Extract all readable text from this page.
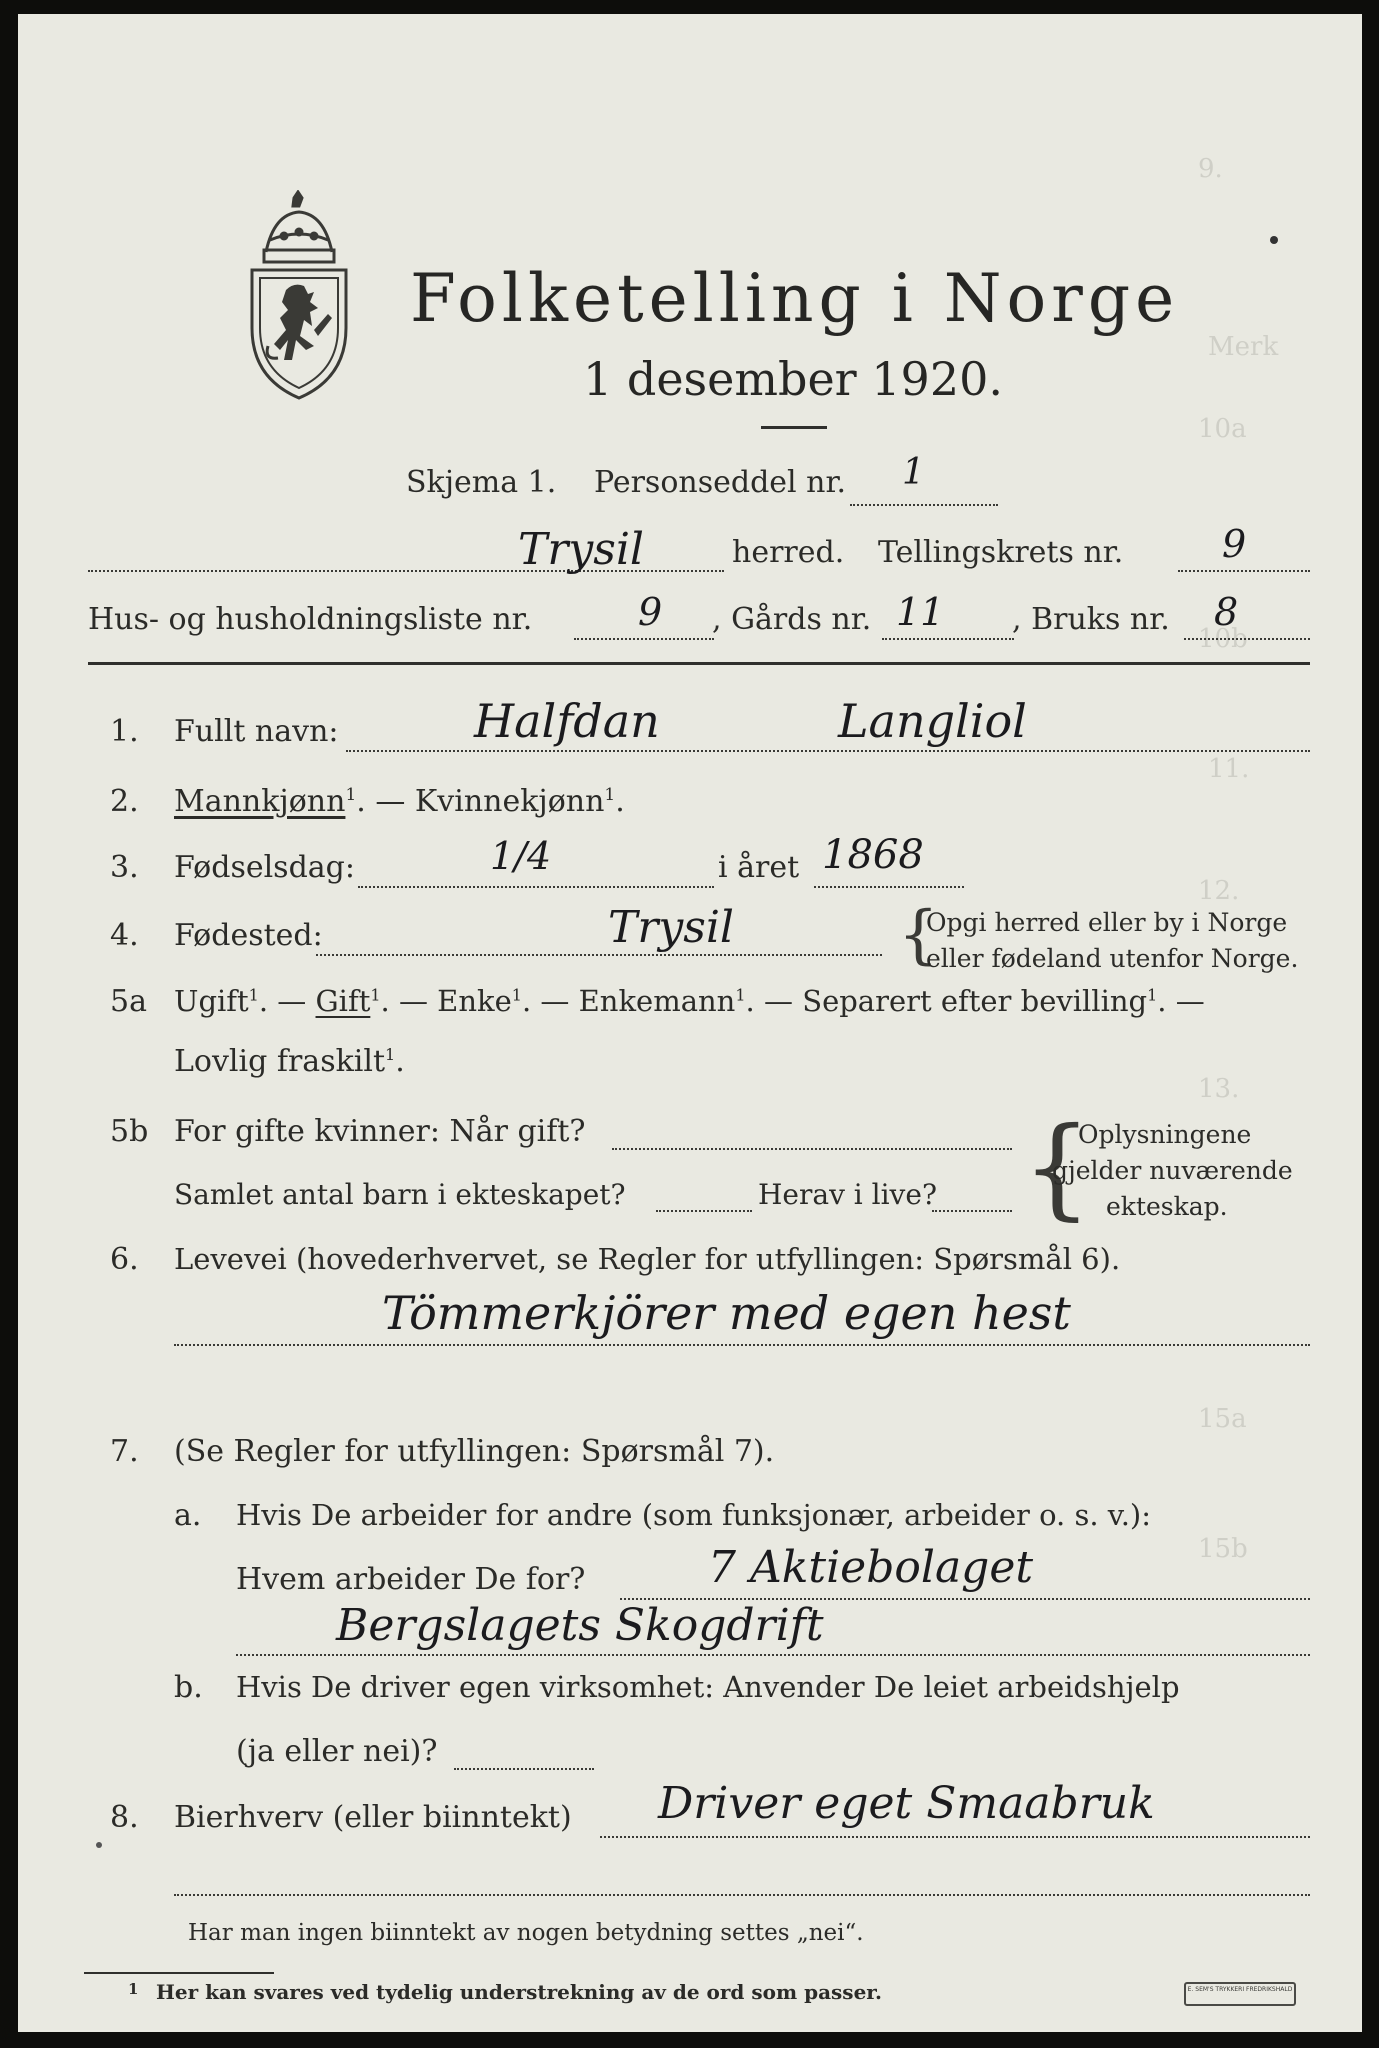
9.
Merk
10a
10b
11.
12.
13.
15a
15b
Folketelling i Norge
1 desember 1920.
Skjema 1. Personseddel nr. 1
Trysil	herred. Tellingskrets nr.	9
Hus- og husholdningsliste nr.	9 , Gårds nr. 11 , Bruks nr. 8
1. Fullt navn:	Halfdan	Langliol
2. Mannkjønn$^1$. — Kvinnekjønn$^1$.
3. Fødselsdag:	1/4	i året 1868
4. Fødested:	Trysil	{
Opgi herred eller by i Norge
eller fødeland utenfor Norge.
5a Ugift$^1$. — Gift$^1$. — Enke$^1$. — Enkemann$^1$. — Separert efter bevilling$^1$. —
Lovlig fraskilt$^1$.
5b For gifte kvinner: Når gift?
Samlet antal barn i ekteskapet?	Herav i live? {
Oplysningene
gjelder nuværende
ekteskap.
6. Levevei (hovederhvervet, se Regler for utfyllingen: Spørsmål 6).
Tömmerkjörer med egen hest
7. (Se Regler for utfyllingen: Spørsmål 7).
a. Hvis De arbeider for andre (som funksjonær, arbeider o. s. v.):
Hvem arbeider De for?	7 Aktiebolaget
Bergslagets Skogdrift
b. Hvis De driver egen virksomhet: Anvender De leiet arbeidshjelp
(ja eller nei)?
8. Bierhverv (eller biinntekt) Driver eget Smaabruk
Har man ingen biinntekt av nogen betydning settes „nei“.
1 Her kan svares ved tydelig understrekning av de ord som passer.	E. SEM'S TRYKKERI FREDRIKSHALD
